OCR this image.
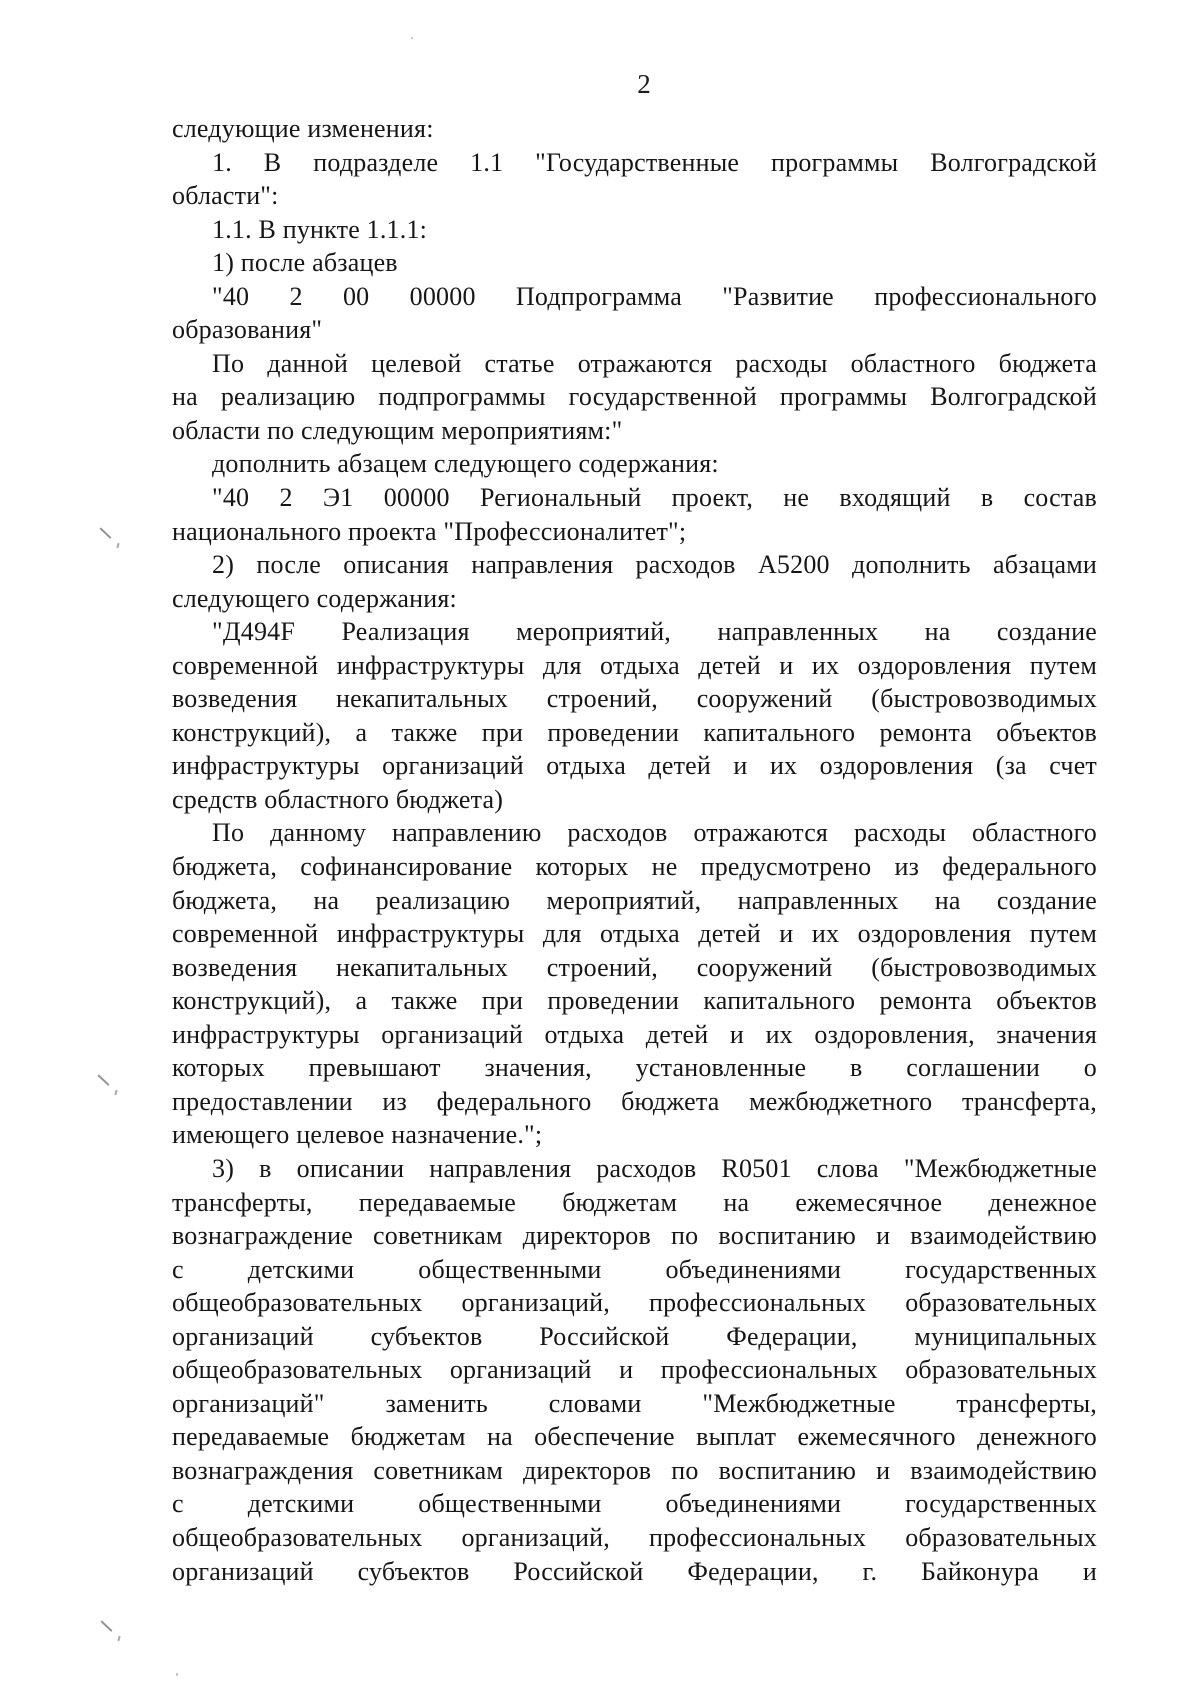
2
следующие изменения:
1. В подразделе 1.1 "Государственные программы Волгоградской
области":
1.1. В пункте 1.1.1:
1) после абзацев
"40 2 00 00000 Подпрограмма "Развитие профессионального
образования"
По данной целевой статье отражаются расходы областного бюджета
на реализацию подпрограммы государственной программы Волгоградской
области по следующим мероприятиям:"
дополнить абзацем следующего содержания:
"40 2 Э1 00000 Региональный проект, не входящий в состав
национального проекта "Профессионалитет";
2) после описания направления расходов А5200 дополнить абзацами
следующего содержания:
"Д494F Реализация мероприятий, направленных на создание
современной инфраструктуры для отдыха детей и их оздоровления путем
возведения некапитальных строений, сооружений (быстровозводимых
конструкций), а также при проведении капитального ремонта объектов
инфраструктуры организаций отдыха детей и их оздоровления (за счет
средств областного бюджета)
По данному направлению расходов отражаются расходы областного
бюджета, софинансирование которых не предусмотрено из федерального
бюджета, на реализацию мероприятий, направленных на создание
современной инфраструктуры для отдыха детей и их оздоровления путем
возведения некапитальных строений, сооружений (быстровозводимых
конструкций), а также при проведении капитального ремонта объектов
инфраструктуры организаций отдыха детей и их оздоровления, значения
которых превышают значения, установленные в соглашении о
предоставлении из федерального бюджета межбюджетного трансферта,
имеющего целевое назначение.";
3) в описании направления расходов R0501 слова "Межбюджетные
трансферты, передаваемые бюджетам на ежемесячное денежное
вознаграждение советникам директоров по воспитанию и взаимодействию
с детскими общественными объединениями государственных
общеобразовательных организаций, профессиональных образовательных
организаций субъектов Российской Федерации, муниципальных
общеобразовательных организаций и профессиональных образовательных
организаций" заменить словами "Межбюджетные трансферты,
передаваемые бюджетам на обеспечение выплат ежемесячного денежного
вознаграждения советникам директоров по воспитанию и взаимодействию
с детскими общественными объединениями государственных
общеобразовательных организаций, профессиональных образовательных
организаций субъектов Российской Федерации, г. Байконура и
